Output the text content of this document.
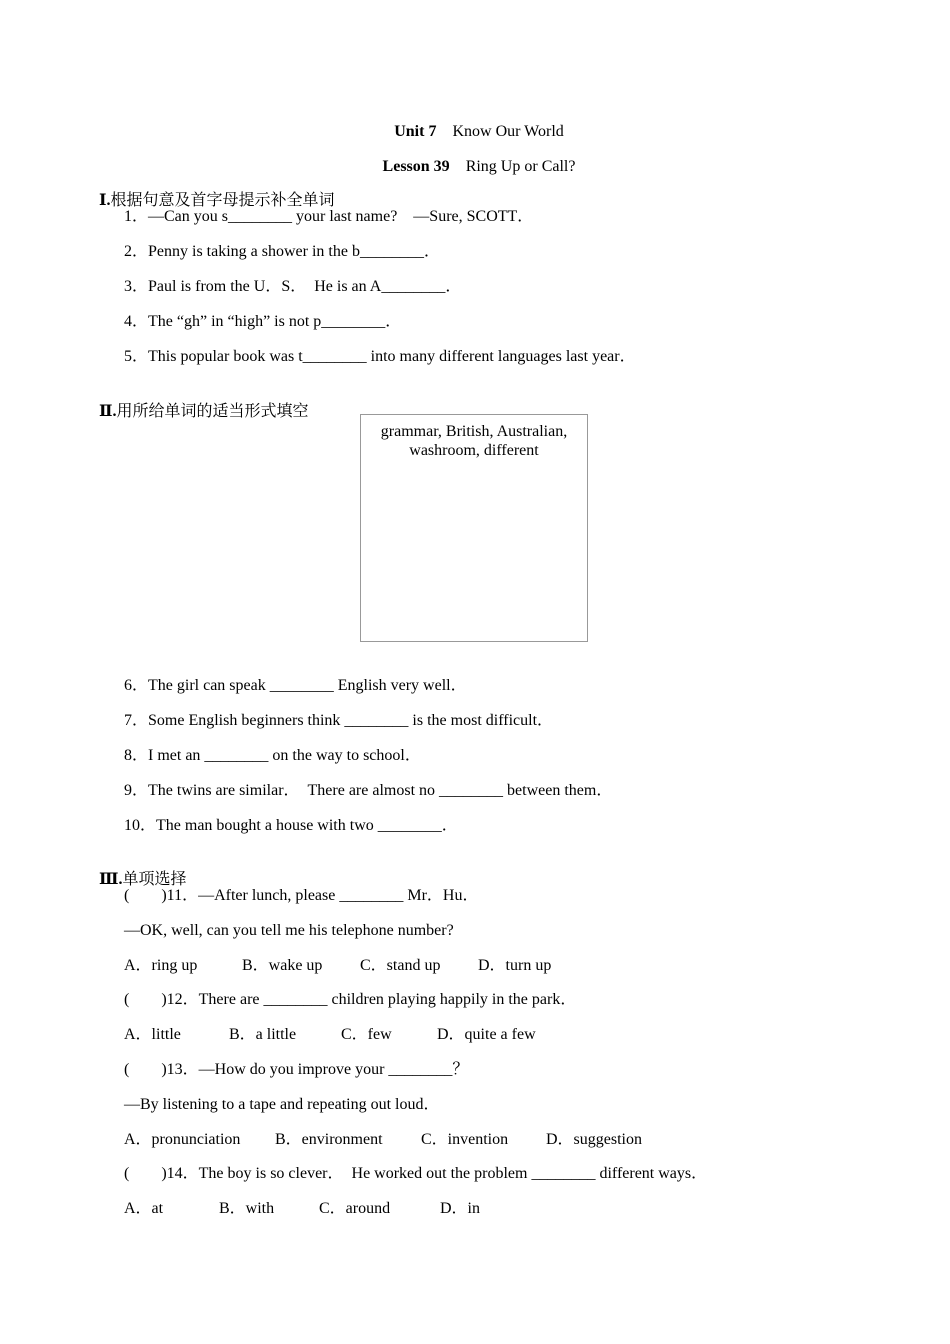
Unit 7　 Know Our World

Lesson 39　 Ring Up or Call?

Ⅰ.根据句意及首字母提示补全单词

1．—Can you s________ your last name?　—Sure, SCOTT．
2．Penny is taking a shower in the b________．
3．Paul is from the U．S．　He is an A________．
4．The “gh” in “high” is not p________．
5．This popular book was t________ into many different languages last year．

Ⅱ.用所给单词的适当形式填空

grammar, British, Australian,
washroom, different
6．The girl can speak ________ English very well．
7．Some English beginners think ________ is the most difficult．
8．I met an ________ on the way to school．
9．The twins are similar．　There are almost no ________ between them．
10．The man bought a house with two ________．

Ⅲ.单项选择

(　　)11．—After lunch, please ________ Mr．Hu．
—OK, well, can you tell me his telephone number?
A．ring up	B．wake up C．stand up D．turn up
(　　)12．There are ________ children playing happily in the park．
A．little	B．a little	C．few	D．quite a few
(　　)13．—How do you improve your ________？
—By listening to a tape and repeating out loud．
A．pronunciation B．environment C．invention D．suggestion
(　　)14．The boy is so clever．  He worked out the problem ________ different ways．
A．at	B．with	C．around	D．in
